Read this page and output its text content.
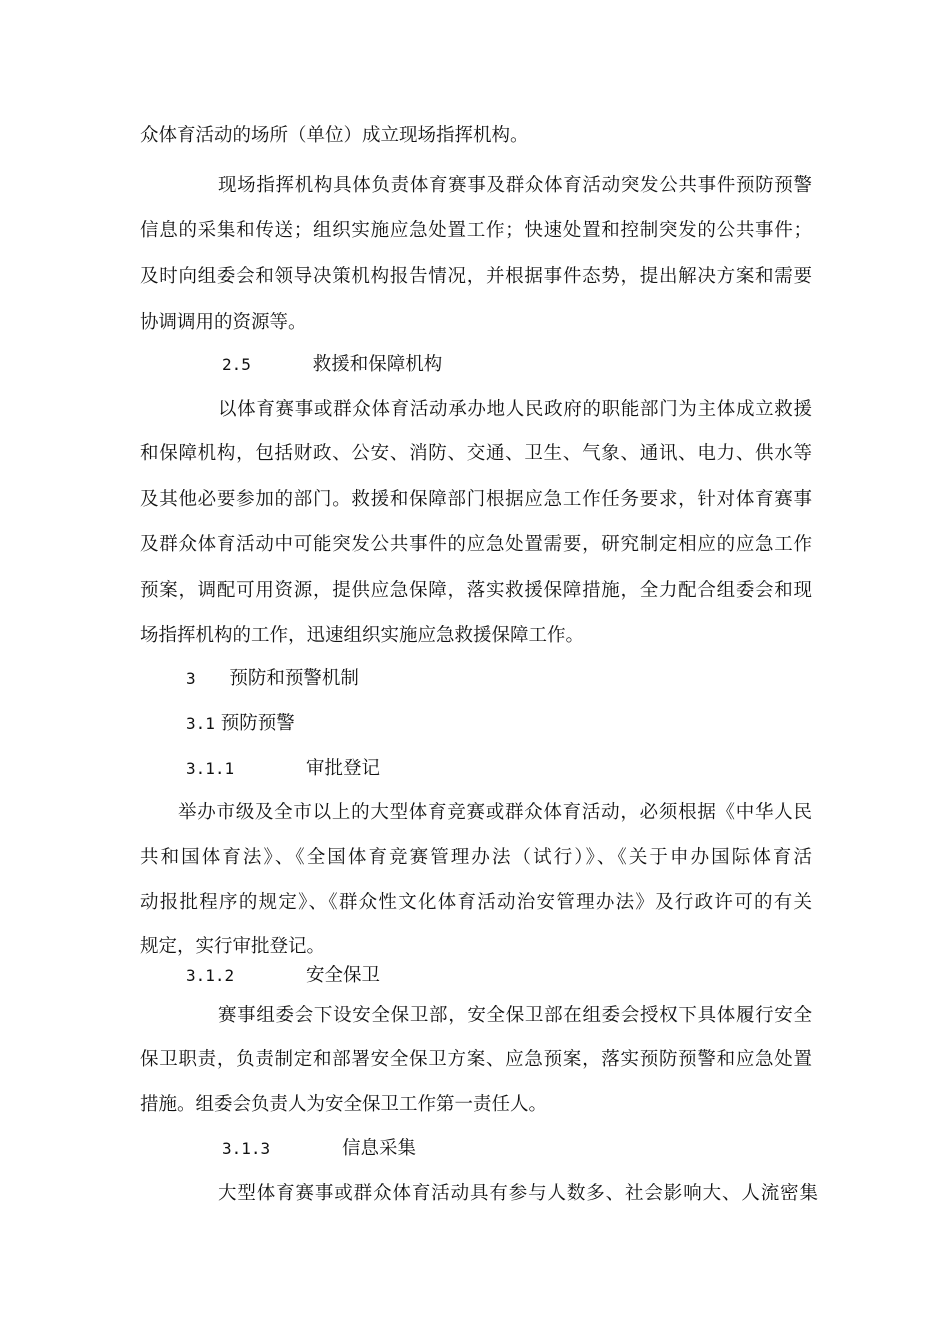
众体育活动的场所（单位）成立现场指挥机构。
现场指挥机构具体负责体育赛事及群众体育活动突发公共事件预防预警
信息的采集和传送；组织实施应急处置工作；快速处置和控制突发的公共事件；
及时向组委会和领导决策机构报告情况，并根据事件态势，提出解决方案和需要
协调调用的资源等。
2.5	救援和保障机构
以体育赛事或群众体育活动承办地人民政府的职能部门为主体成立救援
和保障机构，包括财政、公安、消防、交通、卫生、气象、通讯、电力、供水等
及其他必要参加的部门。救援和保障部门根据应急工作任务要求，针对体育赛事
及群众体育活动中可能突发公共事件的应急处置需要，研究制定相应的应急工作
预案，调配可用资源，提供应急保障，落实救援保障措施，全力配合组委会和现
场指挥机构的工作，迅速组织实施应急救援保障工作。
3 预防和预警机制
3.1 预防预警
3.1.1	审批登记
举办市级及全市以上的大型体育竞赛或群众体育活动，必须根据《中华人民
共和国体育法》、《全国体育竞赛管理办法（试行）》、《关于申办国际体育活
动报批程序的规定》、《群众性文化体育活动治安管理办法》及行政许可的有关
规定，实行审批登记。
3.1.2	安全保卫
赛事组委会下设安全保卫部，安全保卫部在组委会授权下具体履行安全
保卫职责，负责制定和部署安全保卫方案、应急预案，落实预防预警和应急处置
措施。组委会负责人为安全保卫工作第一责任人。
3.1.3	信息采集
大型体育赛事或群众体育活动具有参与人数多、社会影响大、人流密集
